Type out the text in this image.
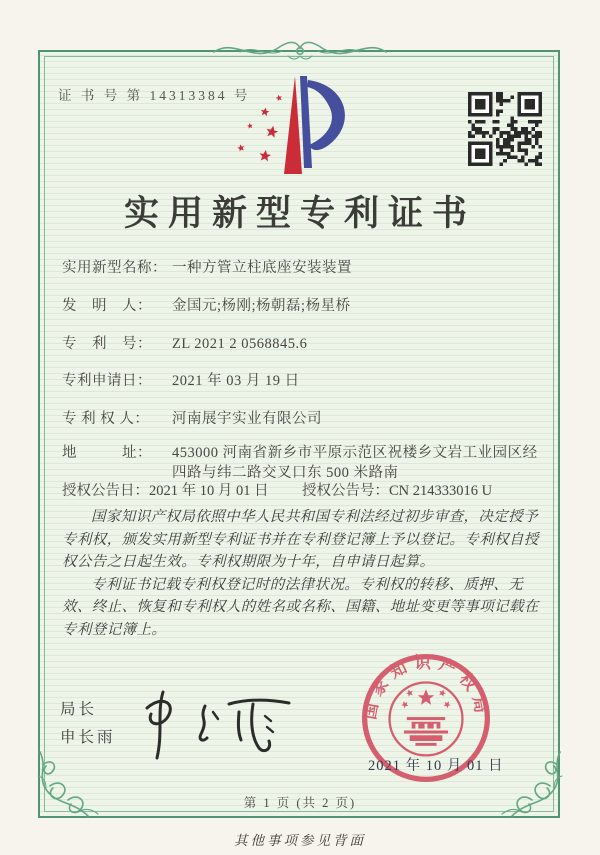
证 书 号 第 14313384 号
实用新型专利证书
实用新型名称： 一种方管立柱底座安装装置
发　明　人：	金国元;杨刚;杨朝磊;杨星桥
专　利　号：	ZL 2021 2 0568845.6
专利申请日：	2021 年 03 月 19 日
专 利 权 人：	河南展宇实业有限公司
地　　　址：	453000 河南省新乡市平原示范区祝楼乡文岩工业园区经四路与纬二路交叉口东 500 米路南
授权公告日：2021 年 10 月 01 日 授权公告号：CN 214333016 U

国家知识产权局依照中华人民共和国专利法经过初步审查，决定授予专利权，颁发实用新型专利证书并在专利登记簿上予以登记。专利权自授权公告之日起生效。专利权期限为十年，自申请日起算。

专利证书记载专利权登记时的法律状况。专利权的转移、质押、无效、终止、恢复和专利权人的姓名或名称、国籍、地址变更等事项记载在专利登记簿上。

局长
申长雨
国家知识产权局
2021 年 10 月 01 日
第 1 页 (共 2 页)
其他事项参见背面
